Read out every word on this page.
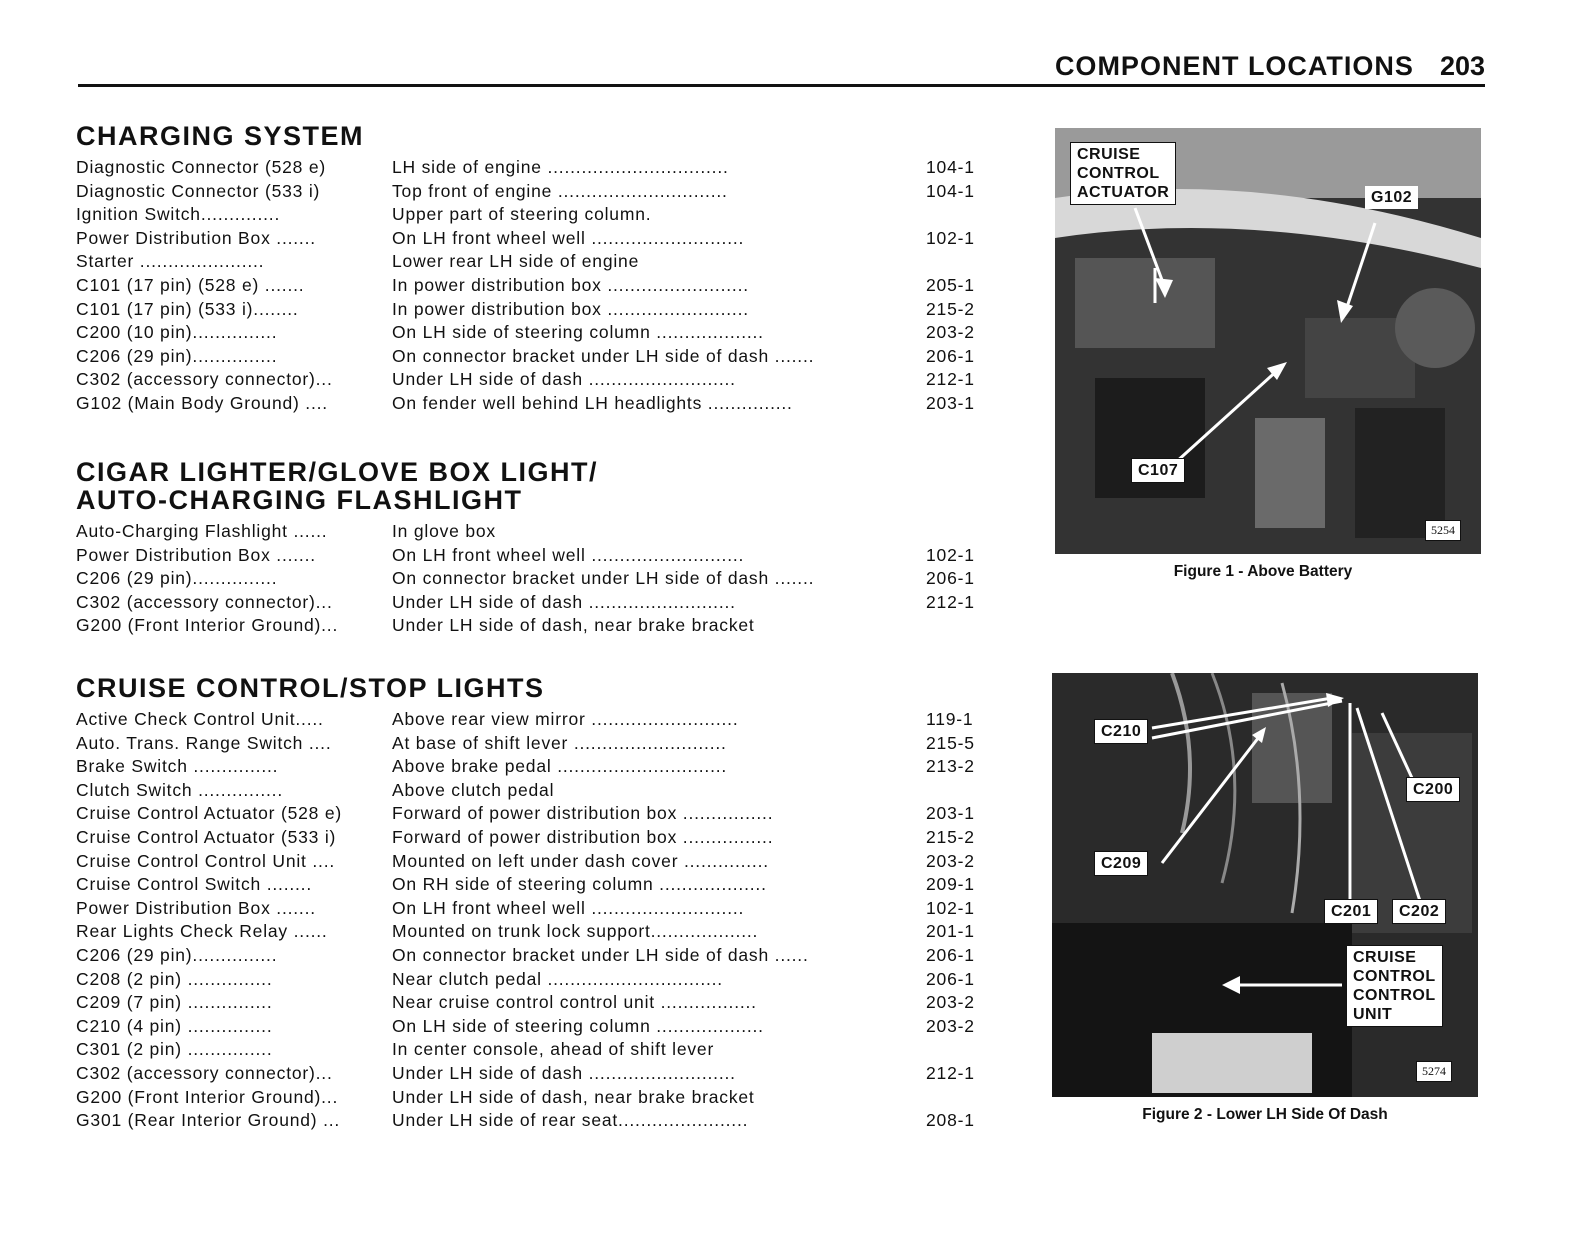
COMPONENT LOCATIONS 203
CHARGING SYSTEM
Diagnostic Connector (528 e)	LH side of engine ................................	104-1
Diagnostic Connector (533 i)	Top front of engine ..............................	104-1
Ignition Switch..............	Upper part of steering column.
Power Distribution Box .......	On LH front wheel well ...........................	102-1
Starter ......................	Lower rear LH side of engine
C101 (17 pin) (528 e) .......	In power distribution box .........................	205-1
C101 (17 pin) (533 i)........	In power distribution box .........................	215-2
C200 (10 pin)...............	On LH side of steering column ...................	203-2
C206 (29 pin)...............	On connector bracket under LH side of dash .......	206-1
C302 (accessory connector)...	Under LH side of dash ..........................	212-1
G102 (Main Body Ground) ....	On fender well behind LH headlights ...............	203-1
CIGAR LIGHTER/GLOVE BOX LIGHT/
AUTO-CHARGING FLASHLIGHT
Auto-Charging Flashlight ......	In glove box
Power Distribution Box .......	On LH front wheel well ...........................	102-1
C206 (29 pin)...............	On connector bracket under LH side of dash .......	206-1
C302 (accessory connector)...	Under LH side of dash ..........................	212-1
G200 (Front Interior Ground)...	Under LH side of dash, near brake bracket
CRUISE CONTROL/STOP LIGHTS
Active Check Control Unit.....	Above rear view mirror ..........................	119-1
Auto. Trans. Range Switch ....	At base of shift lever ...........................	215-5
Brake Switch ...............	Above brake pedal ..............................	213-2
Clutch Switch ...............	Above clutch pedal
Cruise Control Actuator (528 e)	Forward of power distribution box ................	203-1
Cruise Control Actuator (533 i)	Forward of power distribution box ................	215-2
Cruise Control Control Unit ....	Mounted on left under dash cover ...............	203-2
Cruise Control Switch ........	On RH side of steering column ...................	209-1
Power Distribution Box .......	On LH front wheel well ...........................	102-1
Rear Lights Check Relay ......	Mounted on trunk lock support...................	201-1
C206 (29 pin)...............	On connector bracket under LH side of dash ......	206-1
C208 (2 pin) ...............	Near clutch pedal ...............................	206-1
C209 (7 pin) ...............	Near cruise control control unit .................	203-2
C210 (4 pin) ...............	On LH side of steering column ...................	203-2
C301 (2 pin) ...............	In center console, ahead of shift lever
C302 (accessory connector)...	Under LH side of dash ..........................	212-1
G200 (Front Interior Ground)...	Under LH side of dash, near brake bracket
G301 (Rear Interior Ground) ...	Under LH side of rear seat.......................	208-1
CRUISE
CONTROL
ACTUATOR	G102
C107
5254
Figure 1 - Above Battery
C210
C200
C209
C201	C202
CRUISE
CONTROL
CONTROL
UNIT
5274
Figure 2 - Lower LH Side Of Dash
